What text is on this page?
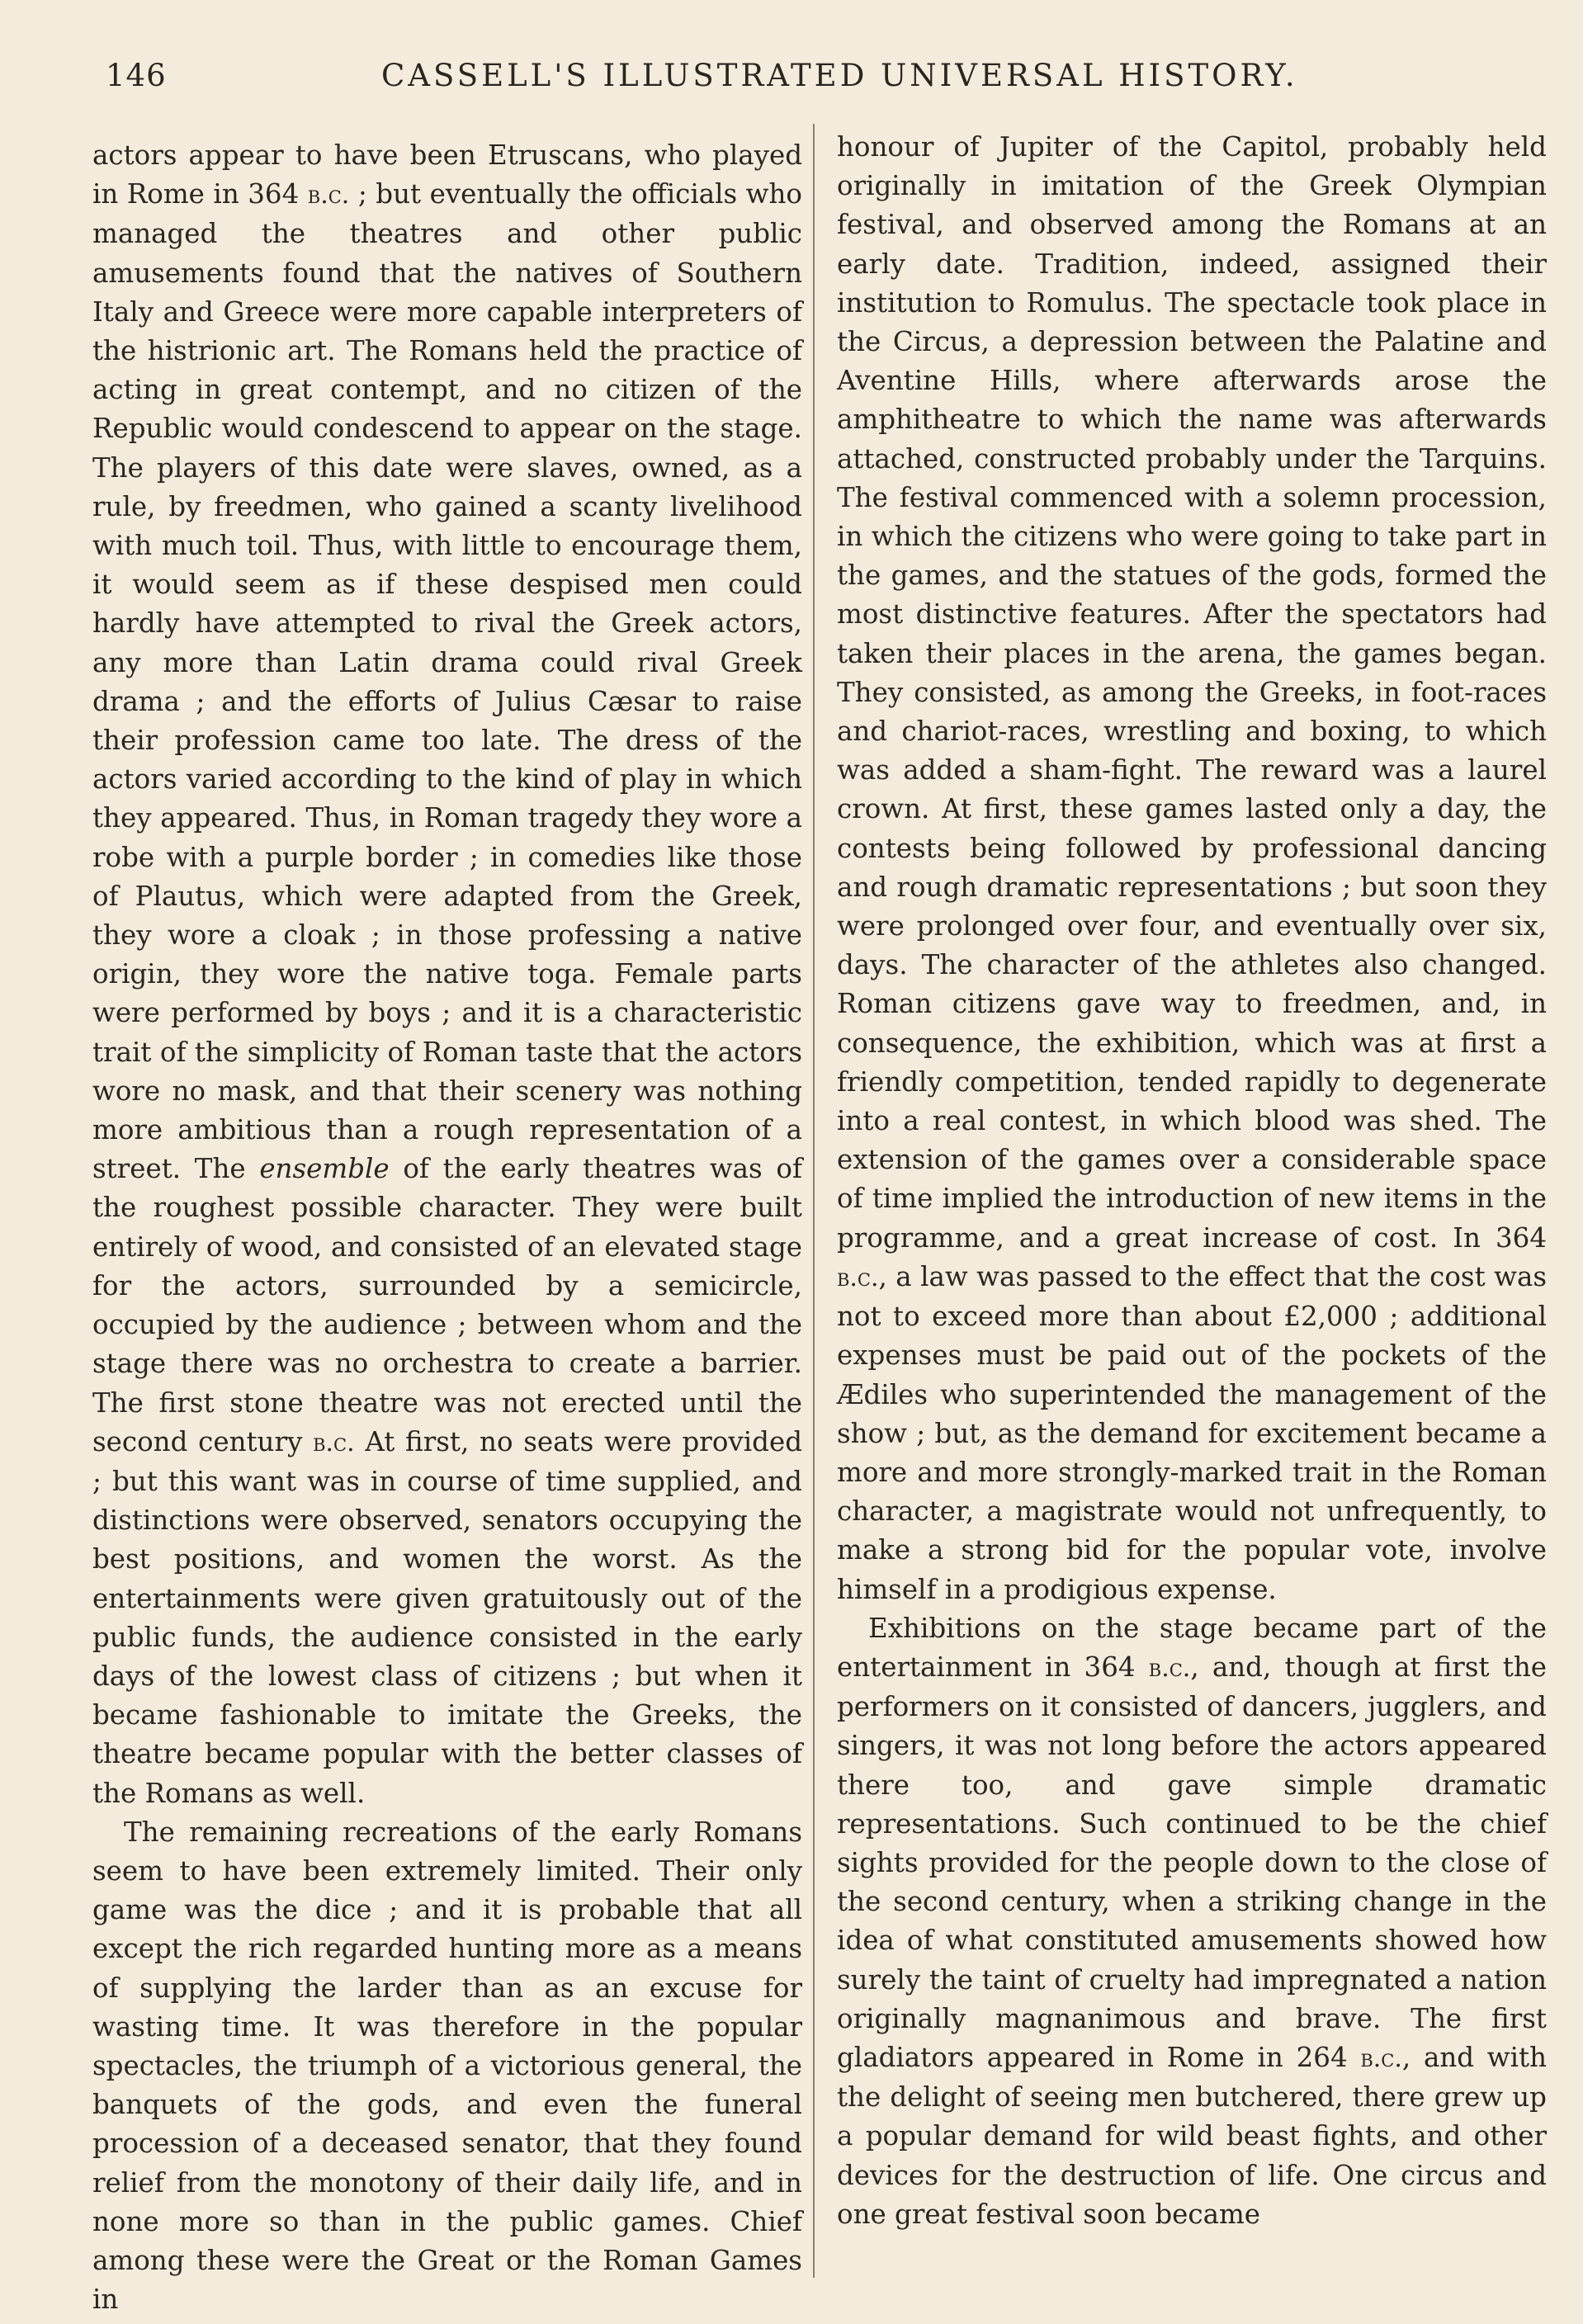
146	CASSELL'S ILLUSTRATED UNIVERSAL HISTORY.

actors appear to have been Etruscans, who played in Rome in 364 b.c. ; but eventually the officials who managed the theatres and other public amusements found that the natives of Southern Italy and Greece were more capable interpreters of the histrionic art. The Romans held the practice of acting in great contempt, and no citizen of the Republic would condescend to appear on the stage. The players of this date were slaves, owned, as a rule, by freedmen, who gained a scanty livelihood with much toil. Thus, with little to encourage them, it would seem as if these despised men could hardly have attempted to rival the Greek actors, any more than Latin drama could rival Greek drama ; and the efforts of Julius Cæsar to raise their profession came too late. The dress of the actors varied according to the kind of play in which they appeared. Thus, in Roman tragedy they wore a robe with a purple border ; in comedies like those of Plautus, which were adapted from the Greek, they wore a cloak ; in those professing a native origin, they wore the native toga. Female parts were performed by boys ; and it is a characteristic trait of the simplicity of Roman taste that the actors wore no mask, and that their scenery was nothing more ambitious than a rough representation of a street. The ensemble of the early theatres was of the roughest possible character. They were built entirely of wood, and consisted of an elevated stage for the actors, surrounded by a semicircle, occupied by the audience ; between whom and the stage there was no orchestra to create a barrier. The first stone theatre was not erected until the second century b.c. At first, no seats were provided ; but this want was in course of time supplied, and distinctions were observed, senators occupying the best positions, and women the worst. As the entertainments were given gratuitously out of the public funds, the audience consisted in the early days of the lowest class of citizens ; but when it became fashionable to imitate the Greeks, the theatre became popular with the better classes of the Romans as well.

The remaining recreations of the early Romans seem to have been extremely limited. Their only game was the dice ; and it is probable that all except the rich regarded hunting more as a means of supplying the larder than as an excuse for wasting time. It was therefore in the popular spectacles, the triumph of a victorious general, the banquets of the gods, and even the funeral procession of a deceased senator, that they found relief from the monotony of their daily life, and in none more so than in the public games. Chief among these were the Great or the Roman Games in

honour of Jupiter of the Capitol, probably held originally in imitation of the Greek Olympian festival, and observed among the Romans at an early date. Tradition, indeed, assigned their institution to Romulus. The spectacle took place in the Circus, a depression between the Palatine and Aventine Hills, where afterwards arose the amphitheatre to which the name was afterwards attached, constructed probably under the Tarquins. The festival commenced with a solemn procession, in which the citizens who were going to take part in the games, and the statues of the gods, formed the most distinctive features. After the spectators had taken their places in the arena, the games began. They consisted, as among the Greeks, in foot-races and chariot-races, wrestling and boxing, to which was added a sham-fight. The reward was a laurel crown. At first, these games lasted only a day, the contests being followed by professional dancing and rough dramatic representations ; but soon they were prolonged over four, and eventually over six, days. The character of the athletes also changed. Roman citizens gave way to freedmen, and, in consequence, the exhibition, which was at first a friendly competition, tended rapidly to degenerate into a real contest, in which blood was shed. The extension of the games over a considerable space of time implied the introduction of new items in the programme, and a great increase of cost. In 364 b.c., a law was passed to the effect that the cost was not to exceed more than about £2,000 ; additional expenses must be paid out of the pockets of the Ædiles who superintended the management of the show ; but, as the demand for excitement became a more and more strongly-marked trait in the Roman character, a magistrate would not unfrequently, to make a strong bid for the popular vote, involve himself in a prodigious expense.

Exhibitions on the stage became part of the entertainment in 364 b.c., and, though at first the performers on it consisted of dancers, jugglers, and singers, it was not long before the actors appeared there too, and gave simple dramatic representations. Such continued to be the chief sights provided for the people down to the close of the second century, when a striking change in the idea of what constituted amusements showed how surely the taint of cruelty had impregnated a nation originally magnanimous and brave. The first gladiators appeared in Rome in 264 b.c., and with the delight of seeing men butchered, there grew up a popular demand for wild beast fights, and other devices for the destruction of life. One circus and one great festival soon became
